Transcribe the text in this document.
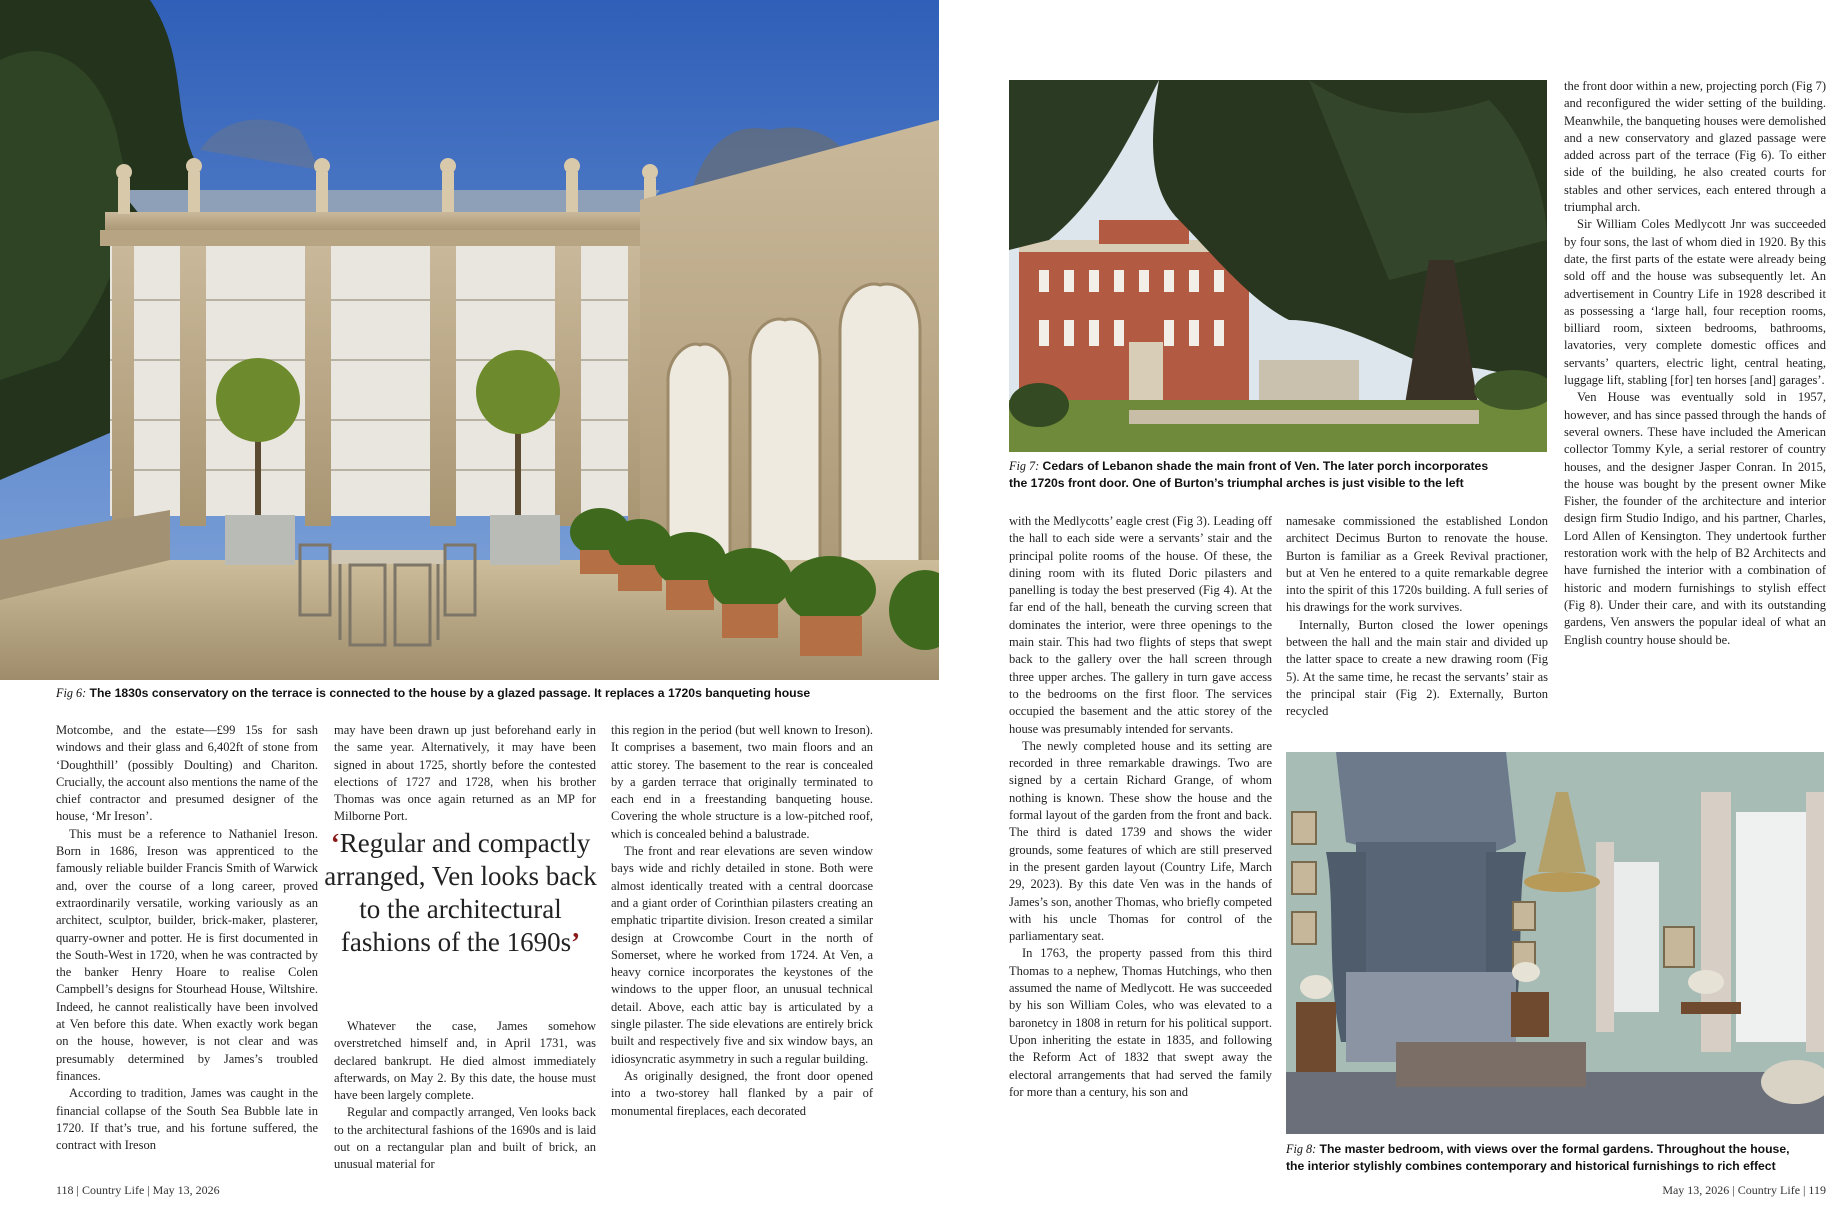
Fig 6: The 1830s conservatory on the terrace is connected to the house by a glazed passage. It replaces a 1720s banqueting house
Fig 7: Cedars of Lebanon shade the main front of Ven. The later porch incorporates
the 1720s front door. One of Burton’s triumphal arches is just visible to the left
Fig 8: The master bedroom, with views over the formal gardens. Throughout the house,
the interior stylishly combines contemporary and historical furnishings to rich effect

Motcombe, and the estate—£99 15s for sash windows and their glass and 6,402ft of stone from ‘Doughthill’ (possibly Doulting) and Chariton. Crucially, the account also mentions the name of the chief contractor and presumed designer of the house, ‘Mr Ireson’.

This must be a reference to Nathaniel Ireson. Born in 1686, Ireson was apprenticed to the famously reliable builder Francis Smith of Warwick and, over the course of a long career, proved extraordinarily versatile, working variously as an architect, sculptor, builder, brick-maker, plasterer, quarry-owner and potter. He is first documented in the South-West in 1720, when he was contracted by the banker Henry Hoare to realise Colen Campbell’s designs for Stourhead House, Wiltshire. Indeed, he cannot realistically have been involved at Ven before this date. When exactly work began on the house, however, is not clear and was presumably determined by James’s troubled finances.

According to tradition, James was caught in the financial collapse of the South Sea Bubble late in 1720. If that’s true, and his fortune suffered, the contract with Ireson

may have been drawn up just beforehand early in the same year. Alternatively, it may have been signed in about 1725, shortly before the contested elections of 1727 and 1728, when his brother Thomas was once again returned as an MP for Milborne Port.

‘Regular and compactly arranged, Ven looks back to the architectural fashions of the 1690s’

Whatever the case, James somehow overstretched himself and, in April 1731, was declared bankrupt. He died almost immediately afterwards, on May 2. By this date, the house must have been largely complete.

Regular and compactly arranged, Ven looks back to the architectural fashions of the 1690s and is laid out on a rectangular plan and built of brick, an unusual material for

this region in the period (but well known to Ireson). It comprises a basement, two main floors and an attic storey. The basement to the rear is concealed by a garden terrace that originally terminated to each end in a freestanding banqueting house. Covering the whole structure is a low-pitched roof, which is concealed behind a balustrade.

The front and rear elevations are seven window bays wide and richly detailed in stone. Both were almost identically treated with a central doorcase and a giant order of Corinthian pilasters creating an emphatic tripartite division. Ireson created a similar design at Crowcombe Court in the north of Somerset, where he worked from 1724. At Ven, a heavy cornice incorporates the keystones of the windows to the upper floor, an unusual technical detail. Above, each attic bay is articulated by a single pilaster. The side elevations are entirely brick built and respectively five and six window bays, an idiosyncratic asymmetry in such a regular building.

As originally designed, the front door opened into a two-storey hall flanked by a pair of monumental fireplaces, each decorated

with the Medlycotts’ eagle crest (Fig 3). Leading off the hall to each side were a servants’ stair and the principal polite rooms of the house. Of these, the dining room with its fluted Doric pilasters and panelling is today the best preserved (Fig 4). At the far end of the hall, beneath the curving screen that dominates the interior, were three openings to the main stair. This had two flights of steps that swept back to the gallery over the hall screen through three upper arches. The gallery in turn gave access to the bedrooms on the first floor. The services occupied the basement and the attic storey of the house was presumably intended for servants.

The newly completed house and its setting are recorded in three remarkable drawings. Two are signed by a certain Richard Grange, of whom nothing is known. These show the house and the formal layout of the garden from the front and back. The third is dated 1739 and shows the wider grounds, some features of which are still preserved in the present garden layout (Country Life, March 29, 2023). By this date Ven was in the hands of James’s son, another Thomas, who briefly competed with his uncle Thomas for control of the parliamentary seat.

In 1763, the property passed from this third Thomas to a nephew, Thomas Hutchings, who then assumed the name of Medlycott. He was succeeded by his son William Coles, who was elevated to a baronetcy in 1808 in return for his political support. Upon inheriting the estate in 1835, and following the Reform Act of 1832 that swept away the electoral arrangements that had served the family for more than a century, his son and

namesake commissioned the established London architect Decimus Burton to renovate the house. Burton is familiar as a Greek Revival practioner, but at Ven he entered to a quite remarkable degree into the spirit of this 1720s building. A full series of his drawings for the work survives.

Internally, Burton closed the lower openings between the hall and the main stair and divided up the latter space to create a new drawing room (Fig 5). At the same time, he recast the servants’ stair as the principal stair (Fig 2). Externally, Burton recycled

the front door within a new, projecting porch (Fig 7) and reconfigured the wider setting of the building. Meanwhile, the banqueting houses were demolished and a new conservatory and glazed passage were added across part of the terrace (Fig 6). To either side of the building, he also created courts for stables and other services, each entered through a triumphal arch.

Sir William Coles Medlycott Jnr was succeeded by four sons, the last of whom died in 1920. By this date, the first parts of the estate were already being sold off and the house was subsequently let. An advertisement in Country Life in 1928 described it as possessing a ‘large hall, four reception rooms, billiard room, sixteen bedrooms, bathrooms, lavatories, very complete domestic offices and servants’ quarters, electric light, central heating, luggage lift, stabling [for] ten horses [and] garages’.

Ven House was eventually sold in 1957, however, and has since passed through the hands of several owners. These have included the American collector Tommy Kyle, a serial restorer of country houses, and the designer Jasper Conran. In 2015, the house was bought by the present owner Mike Fisher, the founder of the architecture and interior design firm Studio Indigo, and his partner, Charles, Lord Allen of Kensington. They undertook further restoration work with the help of B2 Architects and have furnished the interior with a combination of historic and modern furnishings to stylish effect (Fig 8). Under their care, and with its outstanding gardens, Ven answers the popular ideal of what an English country house should be.

118 | Country Life | May 13, 2026	May 13, 2026 | Country Life | 119
